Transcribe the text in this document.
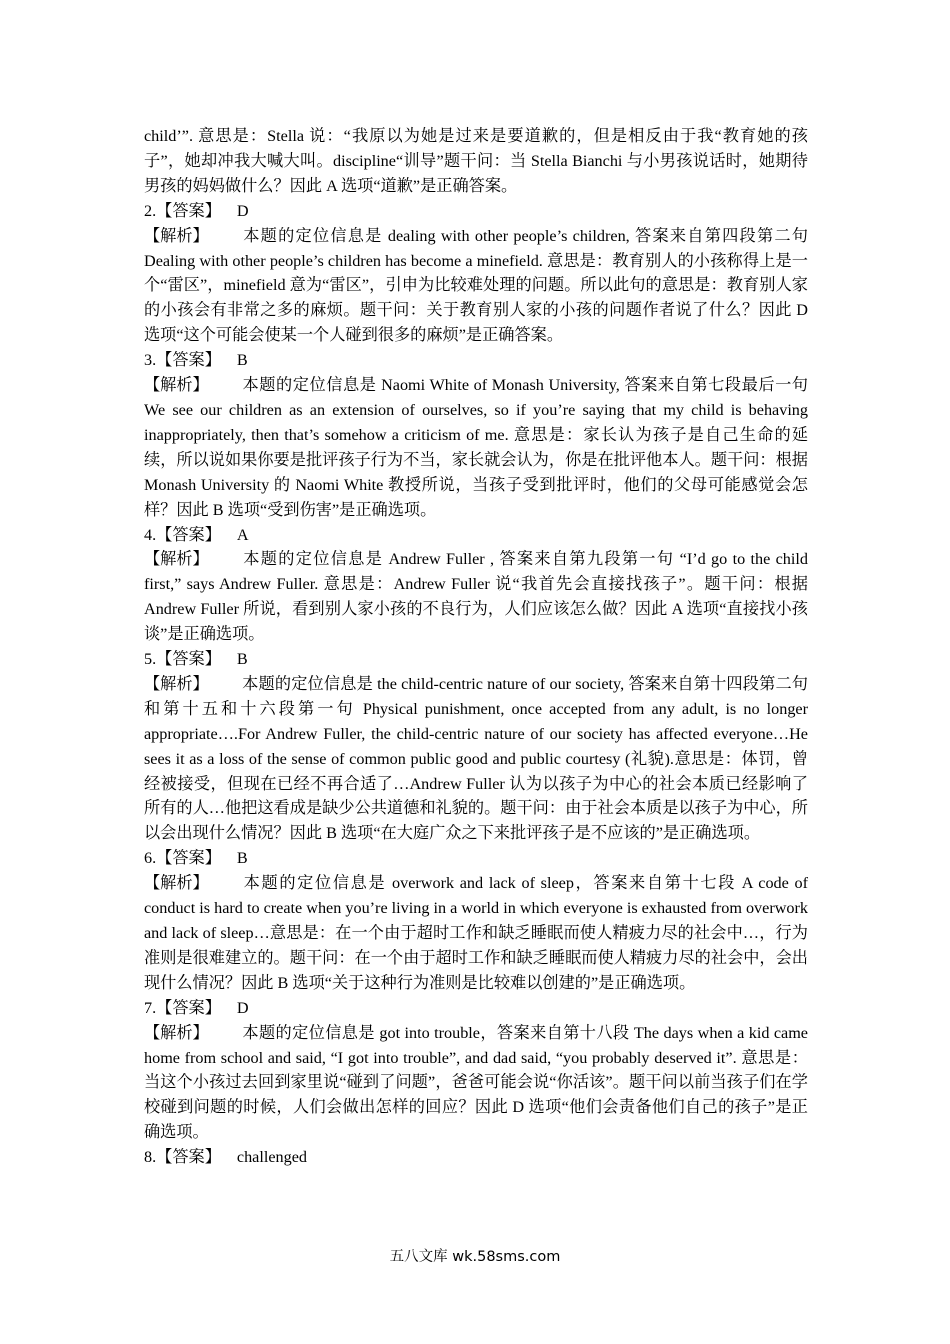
child’”. 意思是：Stella 说：“我原以为她是过来是要道歉的，但是相反由于我“教育她的孩子”，她却冲我大喊大叫。discipline“训导”题干问：当 Stella Bianchi 与小男孩说话时，她期待男孩的妈妈做什么？因此 A 选项“道歉”是正确答案。

2.【答案】 D

【解析】 本题的定位信息是 dealing with other people’s children, 答案来自第四段第二句 Dealing with other people’s children has become a minefield. 意思是：教育别人的小孩称得上是一个“雷区”，minefield 意为“雷区”，引申为比较难处理的问题。所以此句的意思是：教育别人家的小孩会有非常之多的麻烦。题干问：关于教育别人家的小孩的问题作者说了什么？因此 D 选项“这个可能会使某一个人碰到很多的麻烦”是正确答案。

3.【答案】 B

【解析】 本题的定位信息是 Naomi White of Monash University, 答案来自第七段最后一句 We see our children as an extension of ourselves, so if you’re saying that my child is behaving inappropriately, then that’s somehow a criticism of me. 意思是：家长认为孩子是自己生命的延续，所以说如果你要是批评孩子行为不当，家长就会认为，你是在批评他本人。题干问：根据 Monash University 的 Naomi White 教授所说，当孩子受到批评时，他们的父母可能感觉会怎样？因此 B 选项“受到伤害”是正确选项。

4.【答案】 A

【解析】 本题的定位信息是 Andrew Fuller , 答案来自第九段第一句 “I’d go to the child first,” says Andrew Fuller. 意思是：Andrew Fuller 说“我首先会直接找孩子”。题干问：根据 Andrew Fuller 所说，看到别人家小孩的不良行为，人们应该怎么做？因此 A 选项“直接找小孩谈”是正确选项。

5.【答案】 B

【解析】 本题的定位信息是 the child-centric nature of our society, 答案来自第十四段第二句和第十五和十六段第一句 Physical punishment, once accepted from any adult, is no longer appropriate….For Andrew Fuller, the child-centric nature of our society has affected everyone…He sees it as a loss of the sense of common public good and public courtesy (礼貌).意思是：体罚，曾经被接受，但现在已经不再合适了…Andrew Fuller 认为以孩子为中心的社会本质已经影响了所有的人…他把这看成是缺少公共道德和礼貌的。题干问：由于社会本质是以孩子为中心，所以会出现什么情况？因此 B 选项“在大庭广众之下来批评孩子是不应该的”是正确选项。

6.【答案】 B

【解析】 本题的定位信息是 overwork and lack of sleep，答案来自第十七段 A code of conduct is hard to create when you’re living in a world in which everyone is exhausted from overwork and lack of sleep…意思是：在一个由于超时工作和缺乏睡眠而使人精疲力尽的社会中…，行为准则是很难建立的。题干问：在一个由于超时工作和缺乏睡眠而使人精疲力尽的社会中，会出现什么情况？因此 B 选项“关于这种行为准则是比较难以创建的”是正确选项。

7.【答案】 D

【解析】 本题的定位信息是 got into trouble，答案来自第十八段 The days when a kid came home from school and said, “I got into trouble”, and dad said, “you probably deserved it”. 意思是：当这个小孩过去回到家里说“碰到了问题”，爸爸可能会说“你活该”。题干问以前当孩子们在学校碰到问题的时候，人们会做出怎样的回应？因此 D 选项“他们会责备他们自己的孩子”是正确选项。

8.【答案】 challenged

五八文库 wk.58sms.com
